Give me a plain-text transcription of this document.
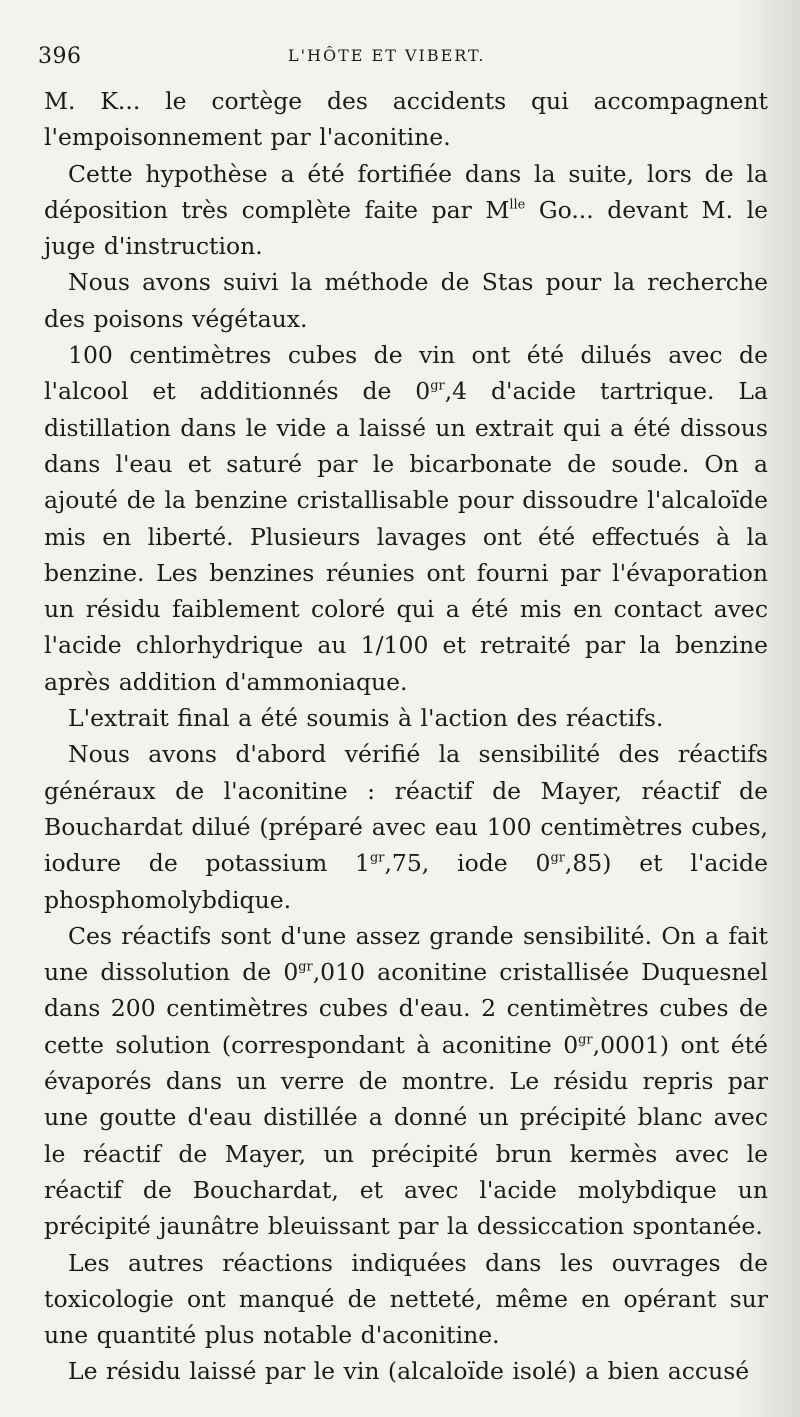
396	L'HÔTE ET VIBERT.

M. K... le cortège des accidents qui accompagnent l'empoisonnement par l'aconitine.

Cette hypothèse a été fortifiée dans la suite, lors de la déposition très complète faite par $M^{lle}$ Go... devant M. le juge d'instruction.

Nous avons suivi la méthode de Stas pour la recherche des poisons végétaux.

100 centimètres cubes de vin ont été dilués avec de l'alcool et additionnés de $0^{gr},4$ d'acide tartrique. La distillation dans le vide a laissé un extrait qui a été dissous dans l'eau et saturé par le bicarbonate de soude. On a ajouté de la benzine cristallisable pour dissoudre l'alcaloïde mis en liberté. Plusieurs lavages ont été effectués à la benzine. Les benzines réunies ont fourni par l'évaporation un résidu faiblement coloré qui a été mis en contact avec l'acide chlorhydrique au 1/100 et retraité par la benzine après addition d'ammoniaque.

L'extrait final a été soumis à l'action des réactifs.

Nous avons d'abord vérifié la sensibilité des réactifs généraux de l'aconitine : réactif de Mayer, réactif de Bouchardat dilué (préparé avec eau 100 centimètres cubes, iodure de potassium $1^{gr},75$, iode $0^{gr},85$) et l'acide phosphomolybdique.

Ces réactifs sont d'une assez grande sensibilité. On a fait une dissolution de $0^{gr},010$ aconitine cristallisée Duquesnel dans 200 centimètres cubes d'eau. 2 centimètres cubes de cette solution (correspondant à aconitine $0^{gr},0001$) ont été évaporés dans un verre de montre. Le résidu repris par une goutte d'eau distillée a donné un précipité blanc avec le réactif de Mayer, un précipité brun kermès avec le réactif de Bouchardat, et avec l'acide molybdique un précipité jaunâtre bleuissant par la dessiccation spontanée.

Les autres réactions indiquées dans les ouvrages de toxicologie ont manqué de netteté, même en opérant sur une quantité plus notable d'aconitine.

Le résidu laissé par le vin (alcaloïde isolé) a bien accusé
